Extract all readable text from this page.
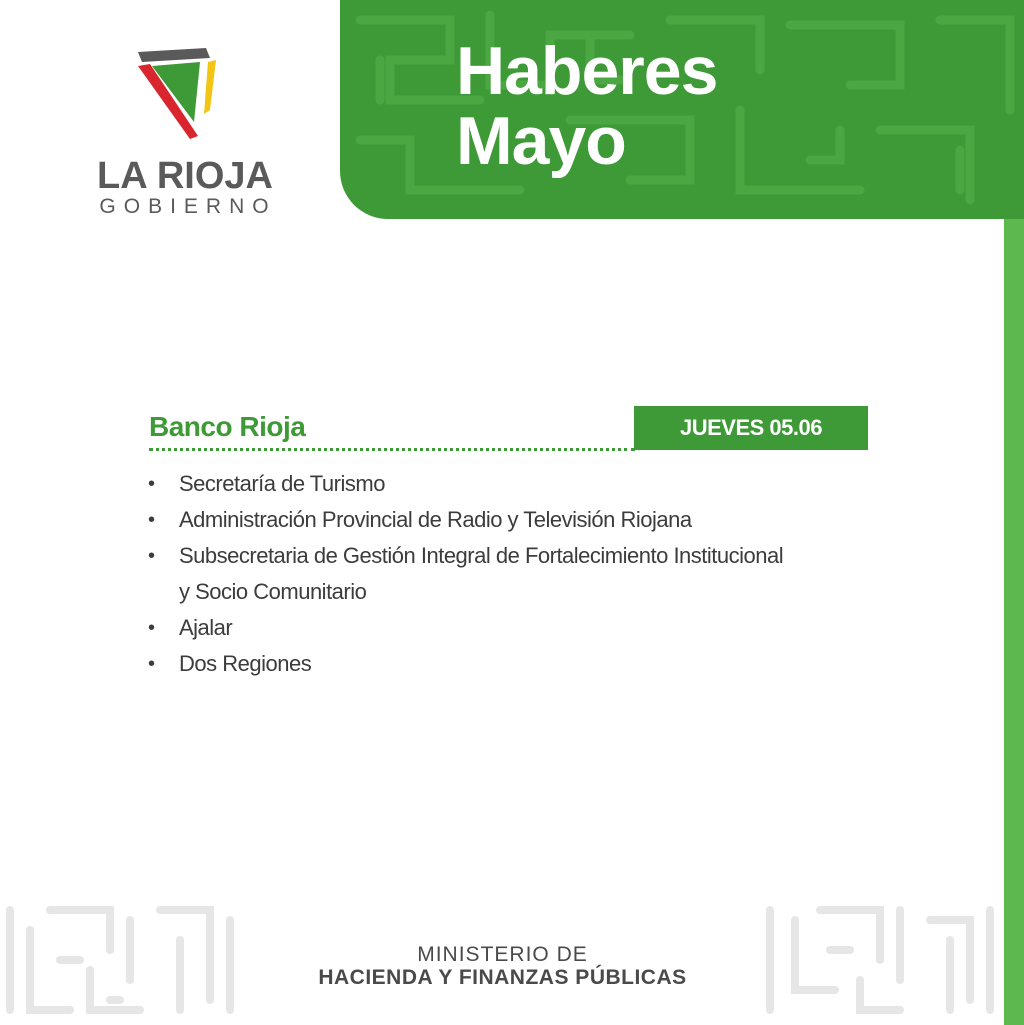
Haberes
Mayo
LA RIOJA
GOBIERNO
Banco Rioja	JUEVES 05.06
• Secretaría de Turismo
• Administración Provincial de Radio y Televisión Riojana
• Subsecretaria de Gestión Integral de Fortalecimiento Institucional
y Socio Comunitario
• Ajalar
• Dos Regiones
MINISTERIO DE
HACIENDA Y FINANZAS PÚBLICAS
